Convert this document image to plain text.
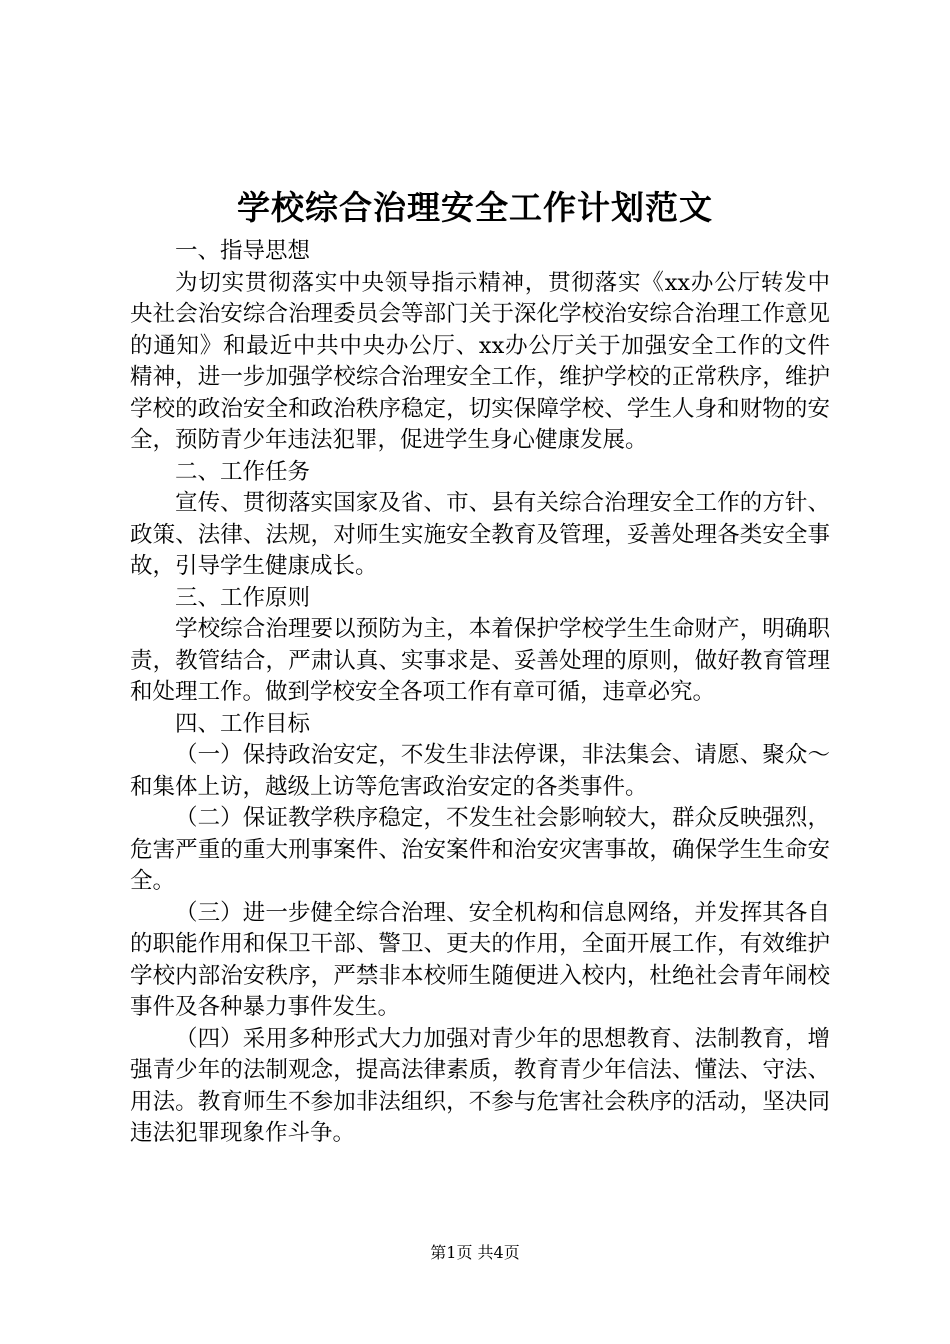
学校综合治理安全工作计划范文

一、指导思想

为切实贯彻落实中央领导指示精神，贯彻落实《xx办公厅转发中央社会治安综合治理委员会等部门关于深化学校治安综合治理工作意见的通知》和最近中共中央办公厅、xx办公厅关于加强安全工作的文件精神，进一步加强学校综合治理安全工作，维护学校的正常秩序，维护学校的政治安全和政治秩序稳定，切实保障学校、学生人身和财物的安全，预防青少年违法犯罪，促进学生身心健康发展。

二、工作任务

宣传、贯彻落实国家及省、市、县有关综合治理安全工作的方针、政策、法律、法规，对师生实施安全教育及管理，妥善处理各类安全事故，引导学生健康成长。

三、工作原则

学校综合治理要以预防为主，本着保护学校学生生命财产，明确职责，教管结合，严肃认真、实事求是、妥善处理的原则，做好教育管理和处理工作。做到学校安全各项工作有章可循，违章必究。

四、工作目标

（一）保持政治安定，不发生非法停课，非法集会、请愿、聚众～和集体上访，越级上访等危害政治安定的各类事件。

（二）保证教学秩序稳定，不发生社会影响较大，群众反映强烈，危害严重的重大刑事案件、治安案件和治安灾害事故，确保学生生命安全。

（三）进一步健全综合治理、安全机构和信息网络，并发挥其各自的职能作用和保卫干部、警卫、更夫的作用，全面开展工作，有效维护学校内部治安秩序，严禁非本校师生随便进入校内，杜绝社会青年闹校事件及各种暴力事件发生。

（四）采用多种形式大力加强对青少年的思想教育、法制教育，增强青少年的法制观念，提高法律素质，教育青少年信法、懂法、守法、用法。教育师生不参加非法组织，不参与危害社会秩序的活动，坚决同违法犯罪现象作斗争。

第1页 共4页
